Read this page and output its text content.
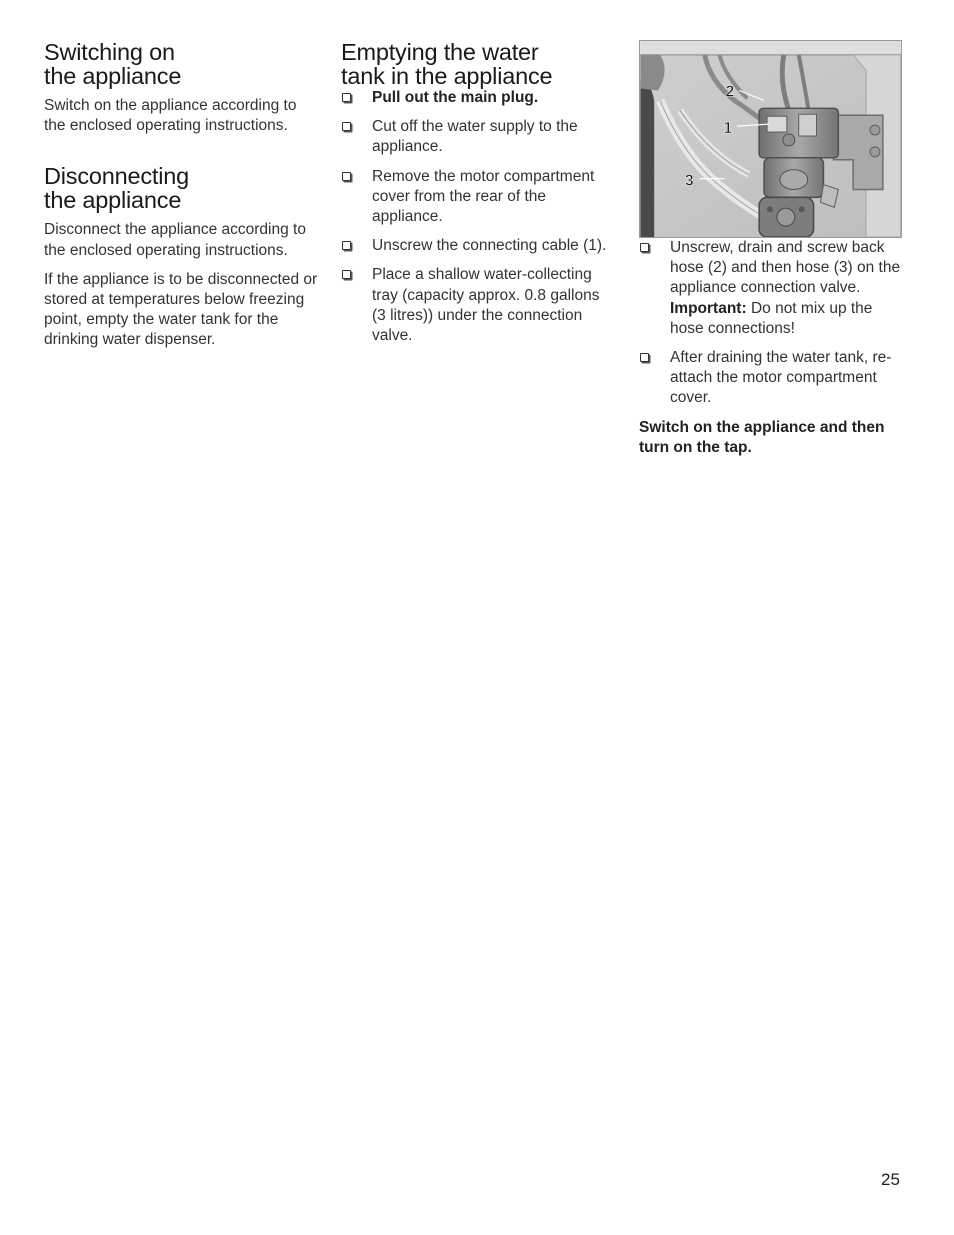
Switching on
the appliance

Switch on the appliance according to the enclosed operating instructions.

Disconnecting
the appliance

Disconnect the appliance according to the enclosed operating instructions.

If the appliance is to be disconnected or stored at temperatures below freezing point, empty the water tank for the drinking water dispenser.

Emptying the water
tank in the appliance
Pull out the main plug.
Cut off the water supply to the appliance.
Remove the motor compartment cover from the rear of the appliance.
Unscrew the connecting cable (1).
Place a shallow water-collecting tray (capacity approx. 0.8 gallons (3 litres)) under the connection valve.
2
1
3
Unscrew, drain and screw back hose (2) and then hose (3) on the appliance connection valve.
Important: Do not mix up the hose connections!
After draining the water tank, re-attach the motor compartment cover.
Switch on the appliance and then turn on the tap.
25
